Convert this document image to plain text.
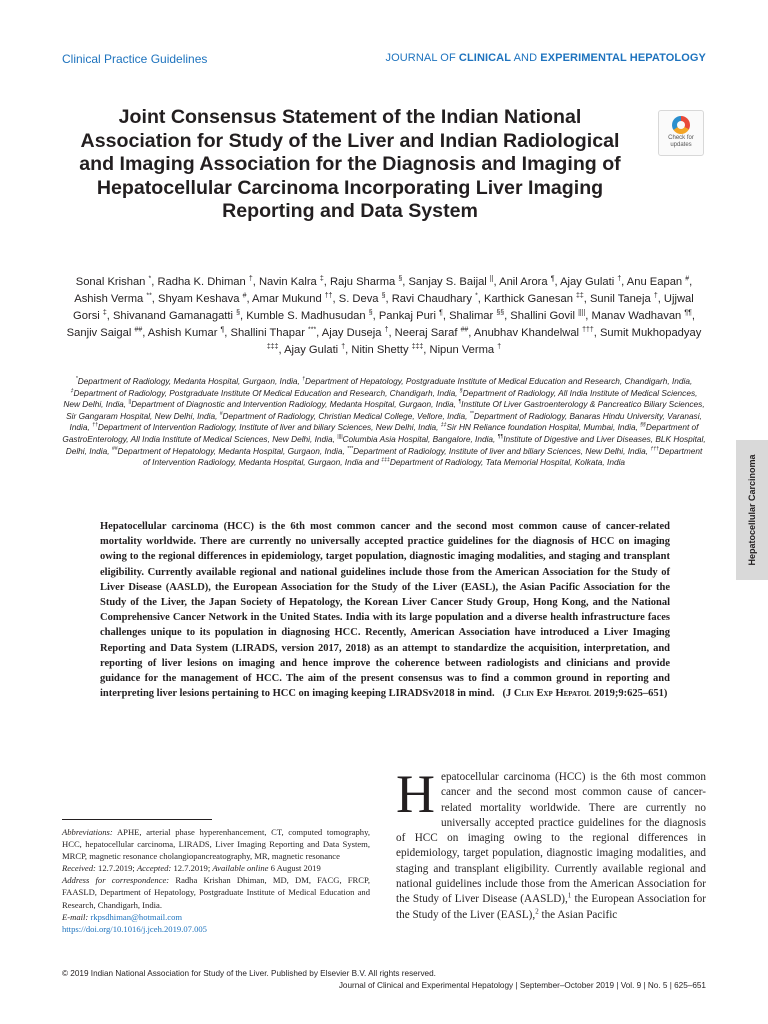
Clinical Practice Guidelines	JOURNAL OF CLINICAL AND EXPERIMENTAL HEPATOLOGY
Joint Consensus Statement of the Indian National Association for Study of the Liver and Indian Radiological and Imaging Association for the Diagnosis and Imaging of Hepatocellular Carcinoma Incorporating Liver Imaging Reporting and Data System
Check for
updates
Sonal Krishan *, Radha K. Dhiman †, Navin Kalra ‡, Raju Sharma §, Sanjay S. Baijal ||, Anil Arora ¶, Ajay Gulati †, Anu Eapan #, Ashish Verma **, Shyam Keshava #, Amar Mukund ††, S. Deva §, Ravi Chaudhary *, Karthick Ganesan ‡‡, Sunil Taneja †, Ujjwal Gorsi ‡, Shivanand Gamanagatti §, Kumble S. Madhusudan §, Pankaj Puri ¶, Shalimar §§, Shallini Govil ||||, Manav Wadhavan ¶¶, Sanjiv Saigal ##, Ashish Kumar ¶, Shallini Thapar ***, Ajay Duseja †, Neeraj Saraf ##, Anubhav Khandelwal †††, Sumit Mukhopadyay ‡‡‡, Ajay Gulati †, Nitin Shetty ‡‡‡, Nipun Verma †
*Department of Radiology, Medanta Hospital, Gurgaon, India, †Department of Hepatology, Postgraduate Institute of Medical Education and Research, Chandigarh, India, ‡Department of Radiology, Postgraduate Institute Of Medical Education and Research, Chandigarh, India, §Department of Radiology, All India Institute of Medical Sciences, New Delhi, India, ||Department of Diagnostic and Intervention Radiology, Medanta Hospital, Gurgaon, India, ¶Institute Of Liver Gastroenterology & Pancreatico Biliary Sciences, Sir Gangaram Hospital, New Delhi, India, #Department of Radiology, Christian Medical College, Vellore, India, **Department of Radiology, Banaras Hindu University, Varanasi, India, ††Department of Intervention Radiology, Institute of liver and biliary Sciences, New Delhi, India, ‡‡Sir HN Reliance foundation Hospital, Mumbai, India, §§Department of GastroEnterology, All India Institute of Medical Sciences, New Delhi, India, ||||Columbia Asia Hospital, Bangalore, India, ¶¶Institute of Digestive and Liver Diseases, BLK Hospital, Delhi, India, ##Department of Hepatology, Medanta Hospital, Gurgaon, India, ***Department of Radiology, Institute of liver and biliary Sciences, New Delhi, India, †††Department of Intervention Radiology, Medanta Hospital, Gurgaon, India and ‡‡‡Department of Radiology, Tata Memorial Hospital, Kolkata, India
Hepatocellular carcinoma (HCC) is the 6th most common cancer and the second most common cause of cancer-related mortality worldwide. There are currently no universally accepted practice guidelines for the diagnosis of HCC on imaging owing to the regional differences in epidemiology, target population, diagnostic imaging modalities, and staging and transplant eligibility. Currently available regional and national guidelines include those from the American Association for the Study of Liver Disease (AASLD), the European Association for the Study of the Liver (EASL), the Asian Pacific Association for the Study of the Liver, the Japan Society of Hepatology, the Korean Liver Cancer Study Group, Hong Kong, and the National Comprehensive Cancer Network in the United States. India with its large population and a diverse health infrastructure faces challenges unique to its population in diagnosing HCC. Recently, American Association have introduced a Liver Imaging Reporting and Data System (LIRADS, version 2017, 2018) as an attempt to standardize the acquisition, interpretation, and reporting of liver lesions on imaging and hence improve the coherence between radiologists and clinicians and provide guidance for the management of HCC. The aim of the present consensus was to find a common ground in reporting and interpreting liver lesions pertaining to HCC on imaging keeping LIRADSv2018 in mind. (J Clin Exp Hepatol 2019;9:625–651)
Hepatocellular Carcinoma
Hepatocellular carcinoma (HCC) is the 6th most common cancer and the second most common cause of cancer-related mortality worldwide. There are currently no universally accepted practice guidelines for the diagnosis of HCC on imaging owing to the regional differences in epidemiology, target population, diagnostic imaging modalities, and staging and transplant eligibility. Currently available regional and national guidelines include those from the American Association for the Study of Liver Disease (AASLD),$^1$ the European Association for the Study of the Liver (EASL),$^2$ the Asian Pacific
Abbreviations: APHE, arterial phase hyperenhancement, CT, computed tomography, HCC, hepatocellular carcinoma, LIRADS, Liver Imaging Reporting and Data System, MRCP, magnetic resonance cholangiopancreatography, MR, magnetic resonance
Received: 12.7.2019; Accepted: 12.7.2019; Available online 6 August 2019
Address for correspondence: Radha Krishan Dhiman, MD, DM, FACG, FRCP, FAASLD, Department of Hepatology, Postgraduate Institute of Medical Education and Research, Chandigarh, India.
E-mail: rkpsdhiman@hotmail.com
https://doi.org/10.1016/j.jceh.2019.07.005
© 2019 Indian National Association for Study of the Liver. Published by Elsevier B.V. All rights reserved.
Journal of Clinical and Experimental Hepatology | September–October 2019 | Vol. 9 | No. 5 | 625–651
